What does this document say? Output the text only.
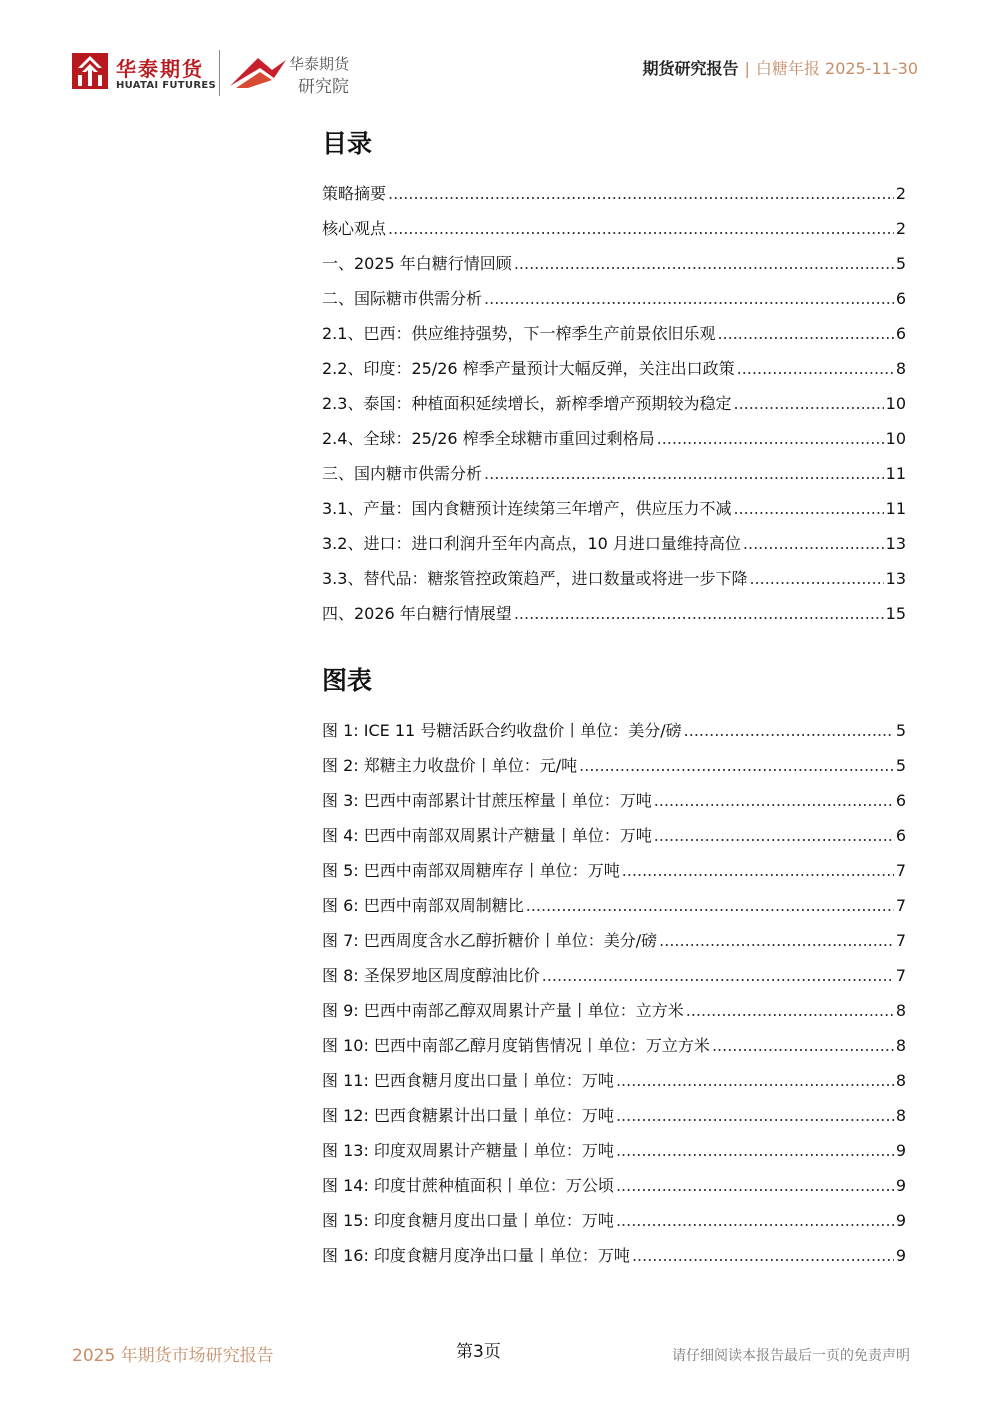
华泰期货
HUATAI FUTURES
华泰期货
研究院
期货研究报告 | 白糖年报 2025-11-30
目录
策略摘要 .....	2
核心观点 .....	2
一、2025 年白糖行情回顾 .....	5
二、国际糖市供需分析 .....	6
2.1、巴西：供应维持强势，下一榨季生产前景依旧乐观 .....	6
2.2、印度：25/26 榨季产量预计大幅反弹，关注出口政策 .....	8
2.3、泰国：种植面积延续增长，新榨季增产预期较为稳定 .....	10
2.4、全球：25/26 榨季全球糖市重回过剩格局 .....	10
三、国内糖市供需分析 .....	11
3.1、产量：国内食糖预计连续第三年增产，供应压力不减 .....	11
3.2、进口：进口利润升至年内高点，10 月进口量维持高位 .....	13
3.3、替代品：糖浆管控政策趋严，进口数量或将进一步下降 .....	13
四、2026 年白糖行情展望 .....	15
图表
图 1: ICE 11 号糖活跃合约收盘价丨单位：美分/磅 .....	5
图 2: 郑糖主力收盘价丨单位：元/吨 .....	5
图 3: 巴西中南部累计甘蔗压榨量丨单位：万吨 .....	6
图 4: 巴西中南部双周累计产糖量丨单位：万吨 .....	6
图 5: 巴西中南部双周糖库存丨单位：万吨 .....	7
图 6: 巴西中南部双周制糖比 .....	7
图 7: 巴西周度含水乙醇折糖价丨单位：美分/磅 .....	7
图 8: 圣保罗地区周度醇油比价 .....	7
图 9: 巴西中南部乙醇双周累计产量丨单位：立方米 .....	8
图 10: 巴西中南部乙醇月度销售情况丨单位：万立方米 .....	8
图 11: 巴西食糖月度出口量丨单位：万吨 .....	8
图 12: 巴西食糖累计出口量丨单位：万吨 .....	8
图 13: 印度双周累计产糖量丨单位：万吨 .....	9
图 14: 印度甘蔗种植面积丨单位：万公顷 .....	9
图 15: 印度食糖月度出口量丨单位：万吨 .....	9
图 16: 印度食糖月度净出口量丨单位：万吨 .....	9
2025 年期货市场研究报告	第3页	请仔细阅读本报告最后一页的免责声明
